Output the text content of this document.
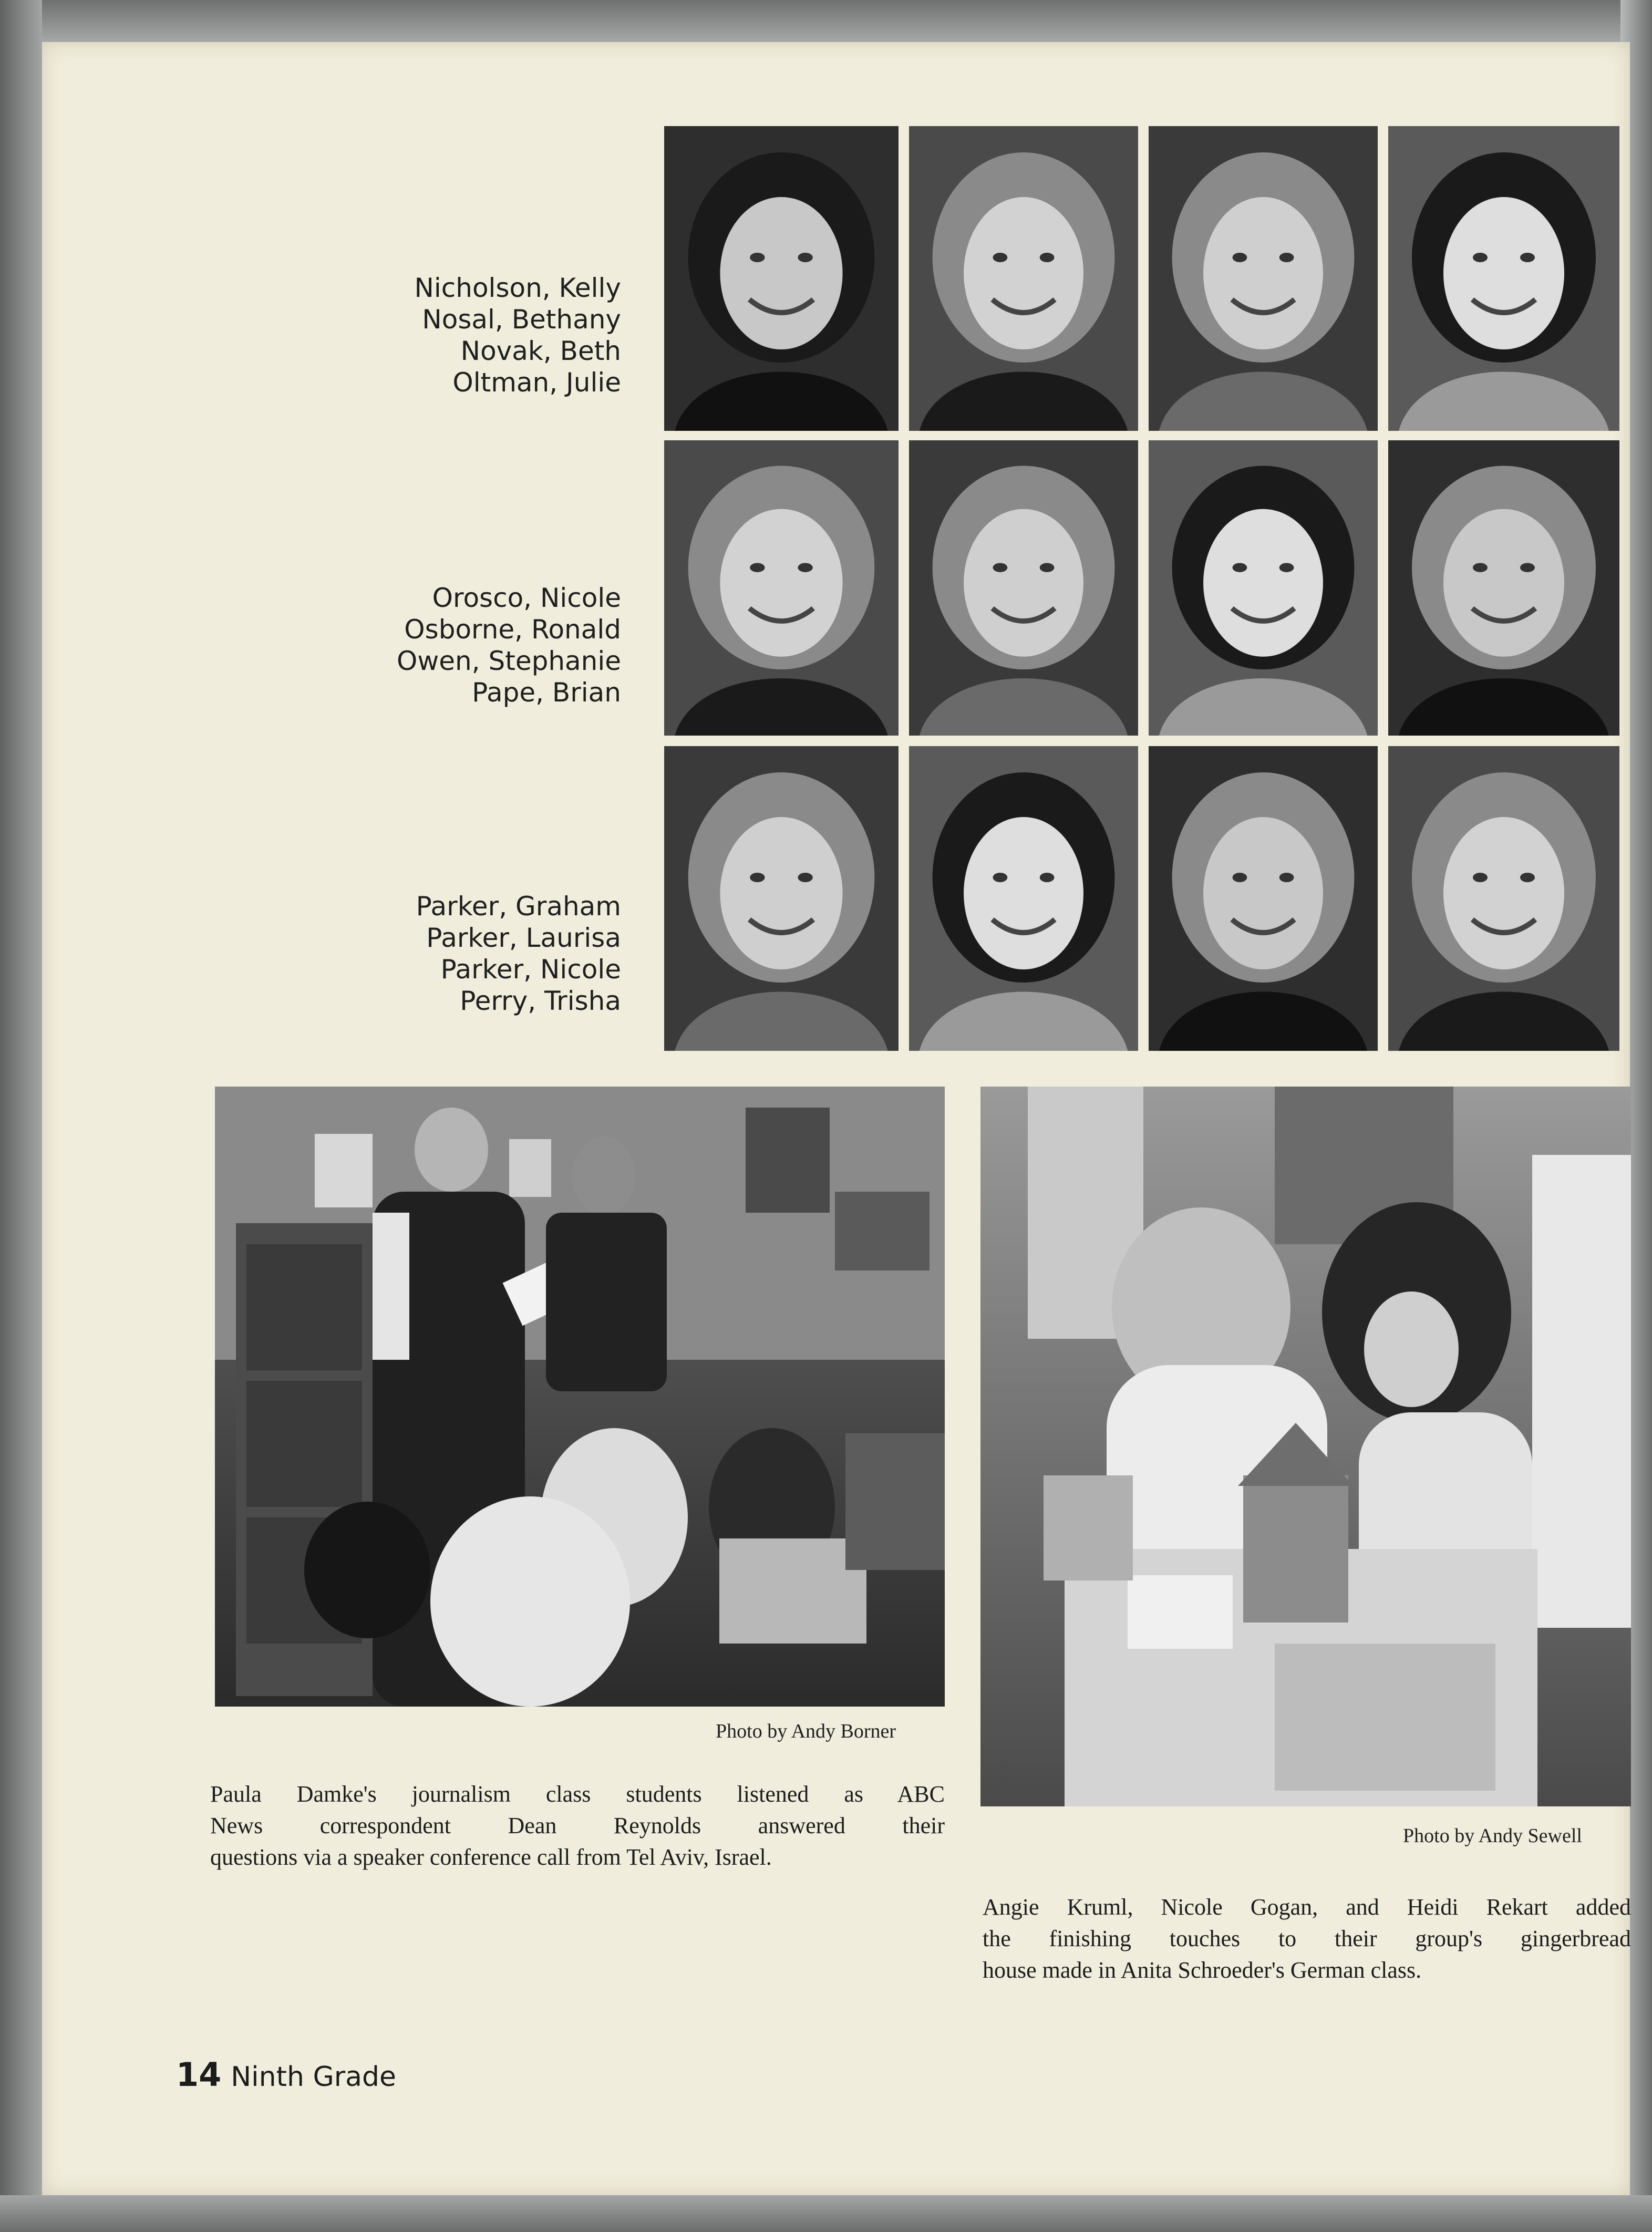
Nicholson, Kelly
Nosal, Bethany
Novak, Beth
Oltman, Julie
Orosco, Nicole
Osborne, Ronald
Owen, Stephanie
Pape, Brian
Parker, Graham
Parker, Laurisa
Parker, Nicole
Perry, Trisha
Photo by Andy Borner
Paula Damke's journalism class students listened as ABC
News correspondent Dean Reynolds answered their
questions via a speaker conference call from Tel Aviv, Israel.
Photo by Andy Sewell
Angie Kruml, Nicole Gogan, and Heidi Rekart added
the finishing touches to their group's gingerbread
house made in Anita Schroeder's German class.
14 Ninth Grade
